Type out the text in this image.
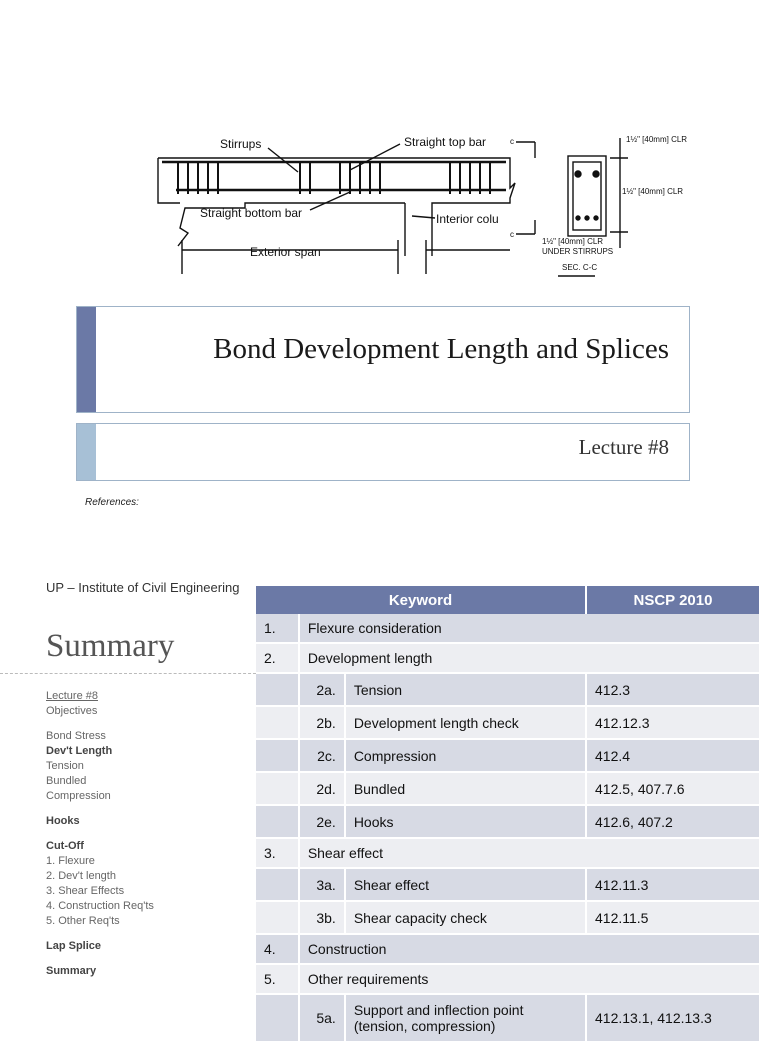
Stirrups	Straight top bar
Straight bottom bar	Interior colu
Exterior span
c
c
1½" [40mm] CLR
1½" [40mm] CLR
1½" [40mm] CLR
UNDER STIRRUPS
SEC. C-C
Bond Development Length and Splices
Lecture #8
References:
UP – Institute of Civil Engineering
Summary
Lecture #8
Objectives
Bond Stress
Dev't Length
Tension
Bundled
Compression
Hooks
Cut-Off
1. Flexure
2. Dev't length
3. Shear Effects
4. Construction Req'ts
5. Other Req'ts
Lap Splice
Summary
Keyword			NSCP 2010
1.	Flexure consideration		
2.	Development length		
	2a.	Tension	412.3
	2b.	Development length check	412.12.3
	2c.	Compression	412.4
	2d.	Bundled	412.5, 407.7.6
	2e.	Hooks	412.6, 407.2
3.	Shear effect		
	3a.	Shear effect	412.11.3
	3b.	Shear capacity check	412.11.5
4.	Construction		
5.	Other requirements		
	5a.	Support and inflection point (tension, compression)	412.13.1, 412.13.3
